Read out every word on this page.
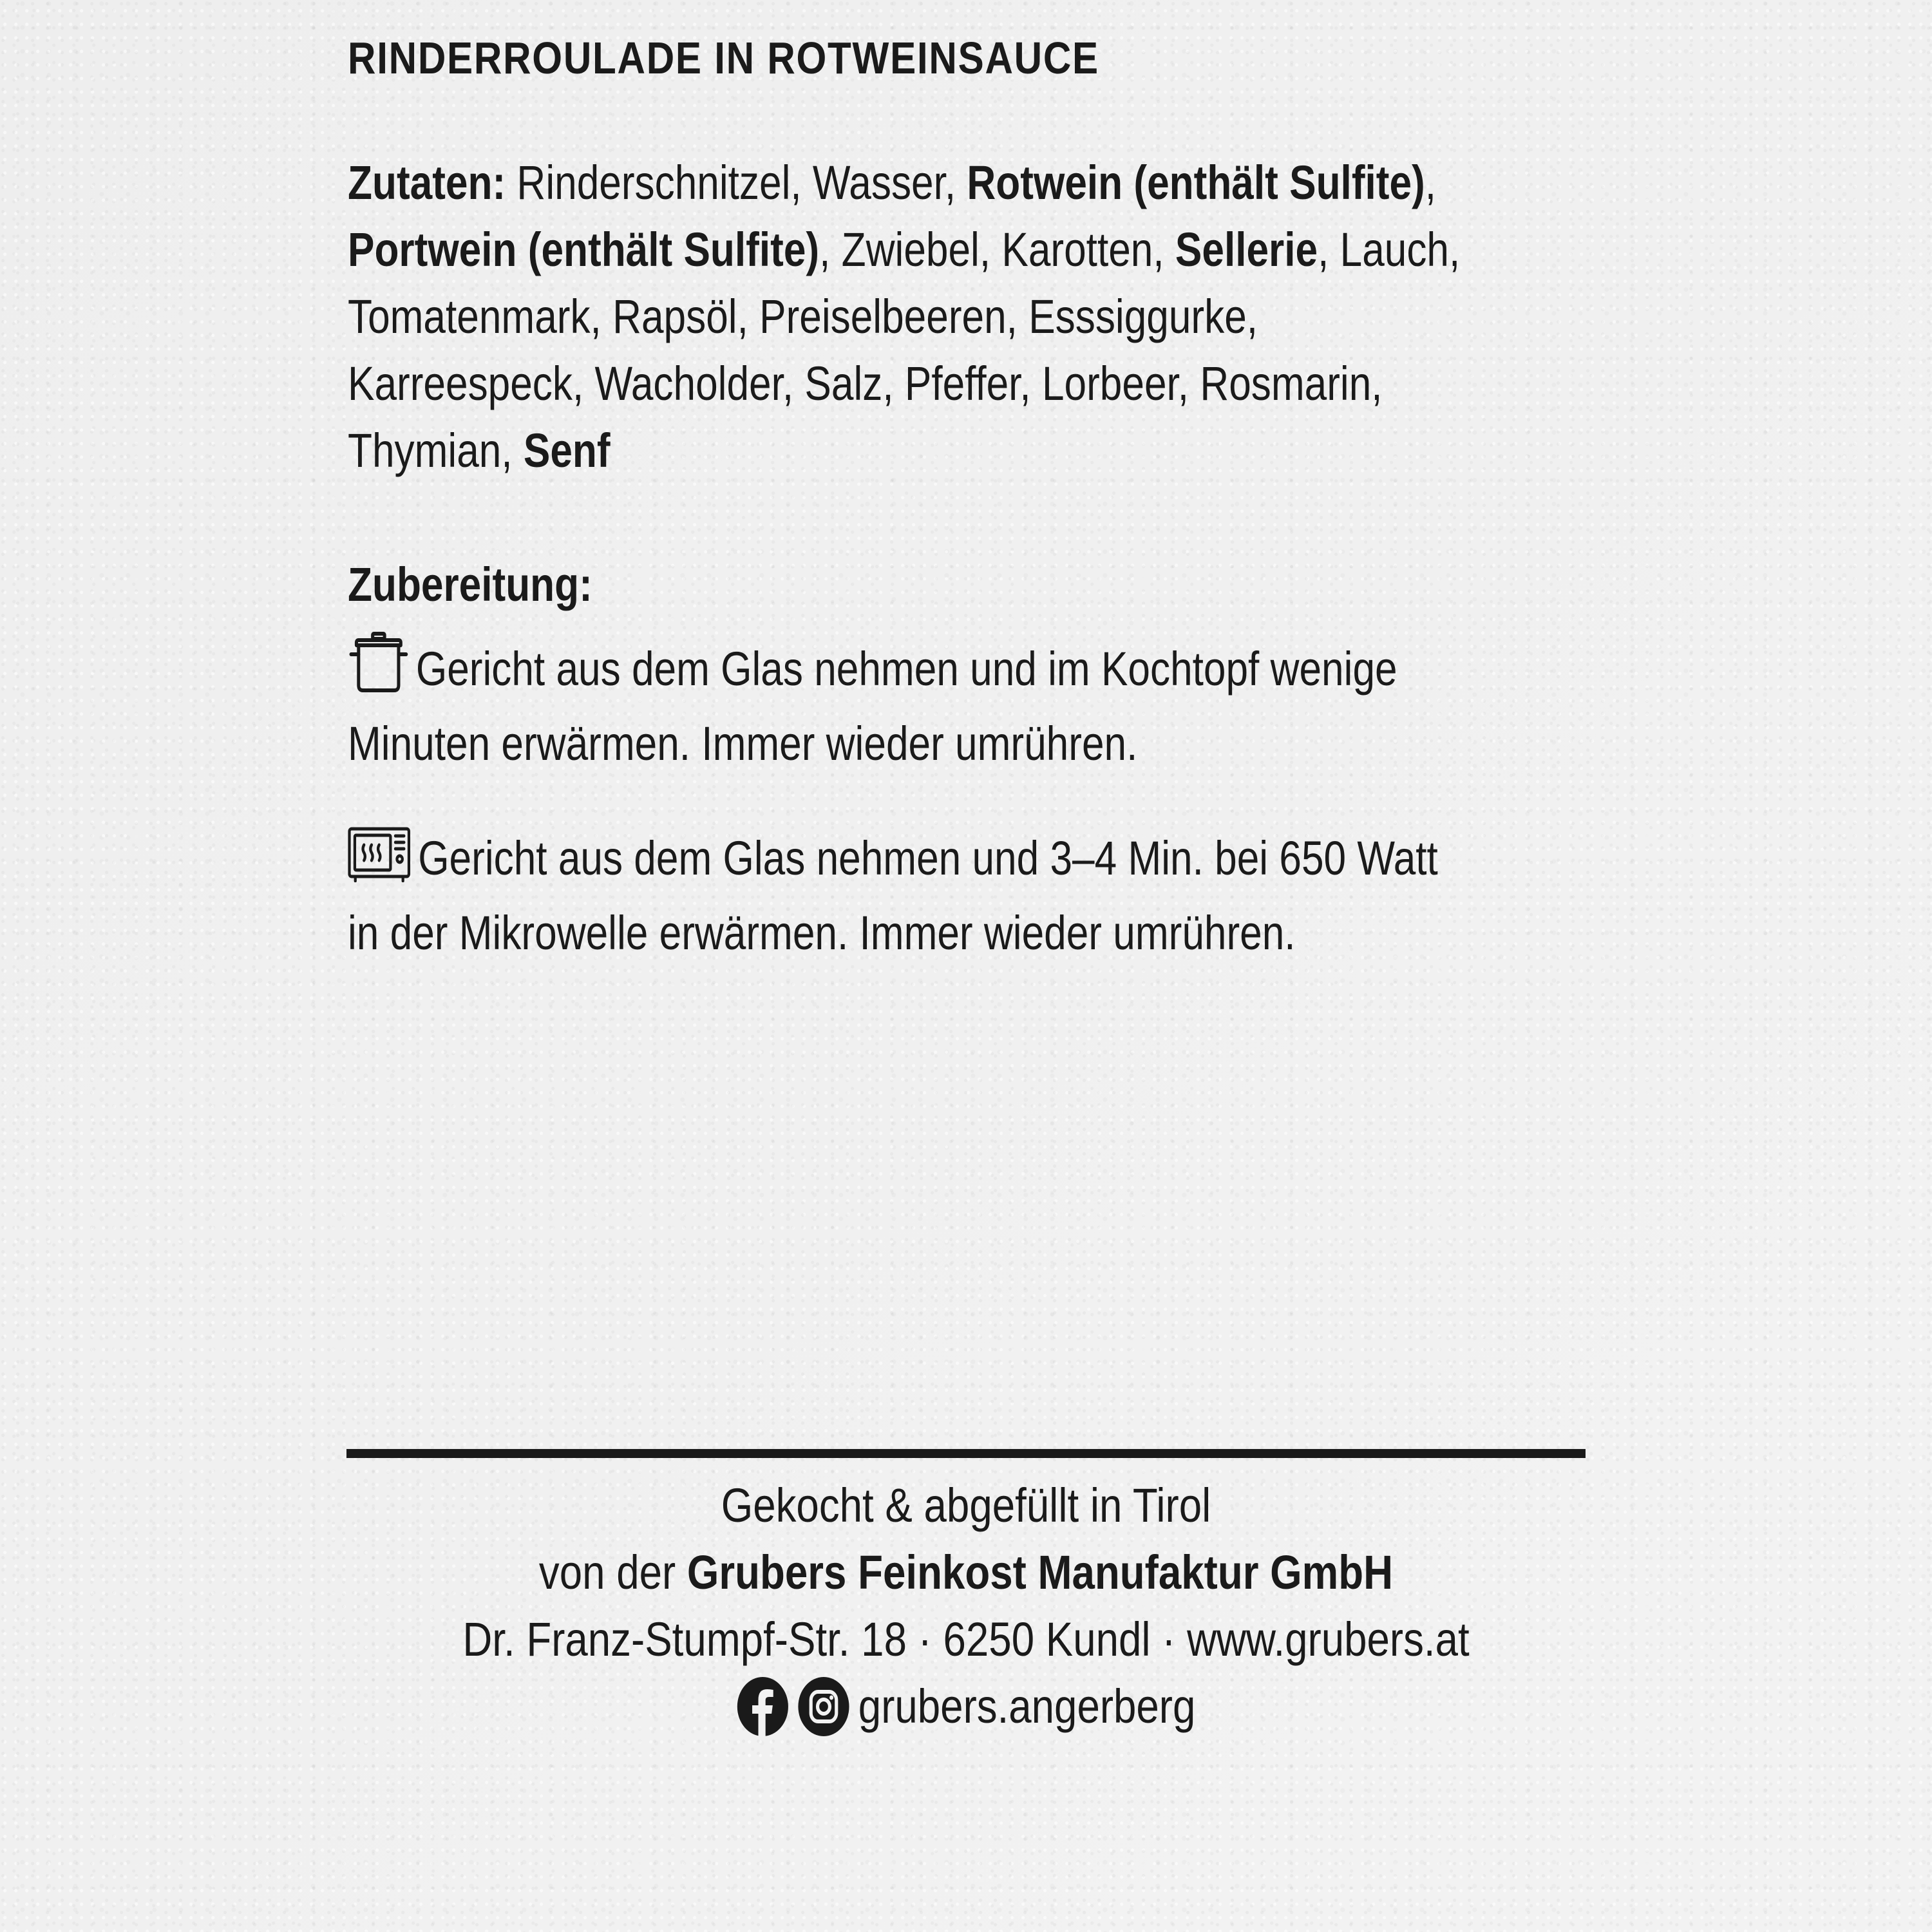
RINDERROULADE IN ROTWEINSAUCE

Zutaten: Rinderschnitzel, Wasser, Rotwein (enthält Sulfite), Portwein (enthält Sulfite), Zwiebel, Karotten, Sellerie, Lauch, Tomatenmark, Rapsöl, Preiselbeeren, Esssiggurke, Karreespeck, Wacholder, Salz, Pfeffer, Lorbeer, Rosmarin, Thymian, Senf

Zubereitung:

Gericht aus dem Glas nehmen und im Kochtopf wenige Minuten erwärmen. Immer wieder umrühren.

Gericht aus dem Glas nehmen und 3–4 Min. bei 650 Watt in der Mikrowelle erwärmen. Immer wieder umrühren.

Gekocht & abgefüllt in Tirol
von der Grubers Feinkost Manufaktur GmbH
Dr. Franz-Stumpf-Str. 18 · 6250 Kundl · www.grubers.at
grubers.angerberg
